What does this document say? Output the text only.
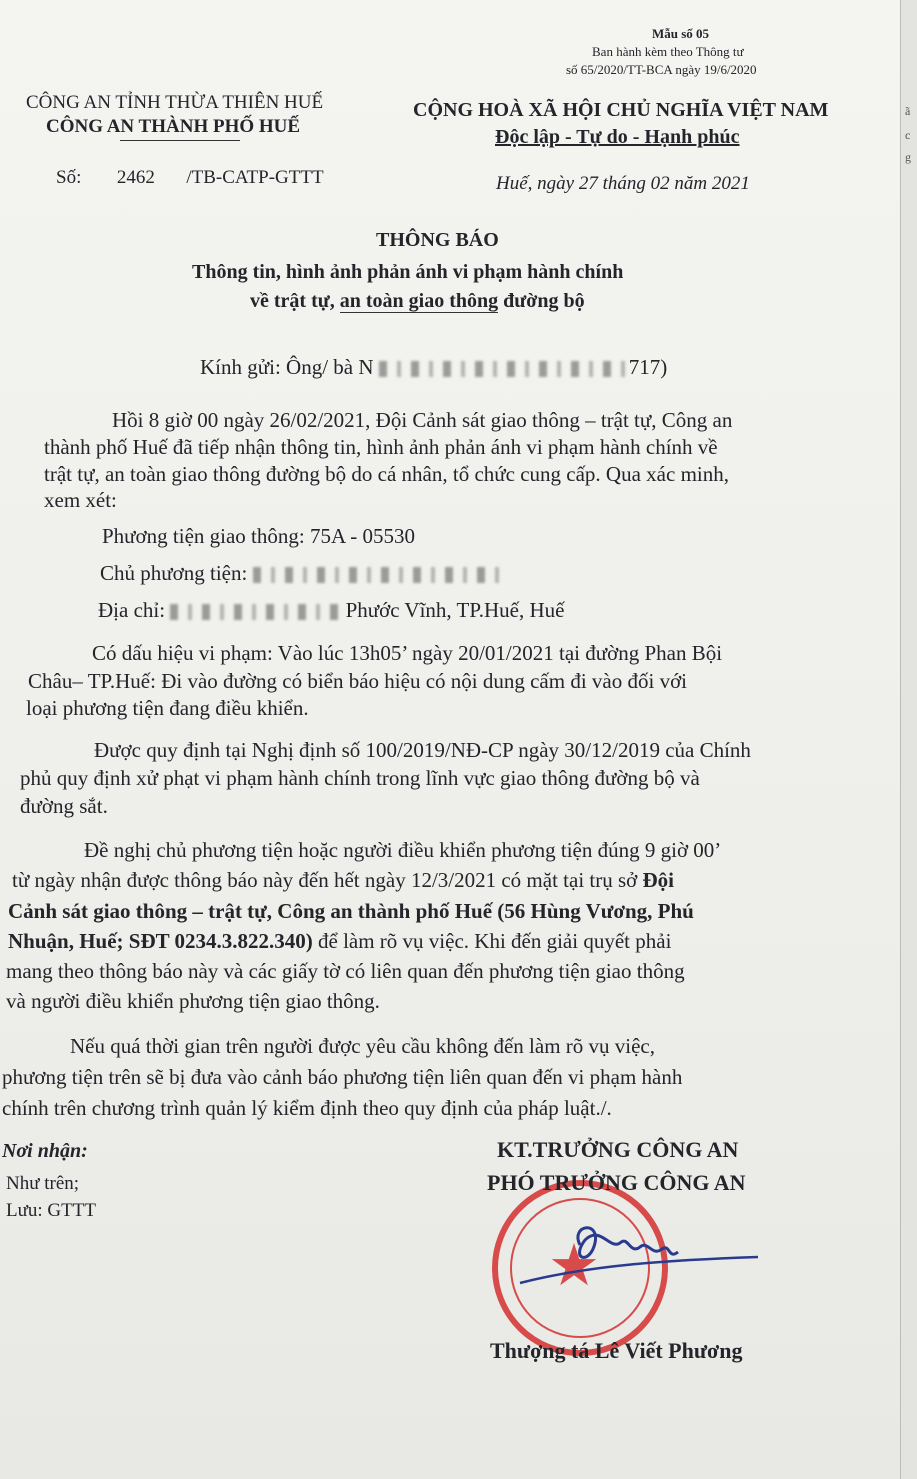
Mẫu số 05
Ban hành kèm theo Thông tư
số 65/2020/TT-BCA ngày 19/6/2020
CÔNG AN TỈNH THỪA THIÊN HUẾ
CÔNG AN THÀNH PHỐ HUẾ
Số: 2462 /TB-CATP-GTTT
CỘNG HOÀ XÃ HỘI CHỦ NGHĨA VIỆT NAM
Độc lập - Tự do - Hạnh phúc
Huế, ngày 27 tháng 02 năm 2021
THÔNG BÁO
Thông tin, hình ảnh phản ánh vi phạm hành chính
về trật tự, an toàn giao thông đường bộ
Kính gửi: Ông/ bà N	717)
Hồi 8 giờ 00 ngày 26/02/2021, Đội Cảnh sát giao thông – trật tự, Công an
thành phố Huế đã tiếp nhận thông tin, hình ảnh phản ánh vi phạm hành chính về
trật tự, an toàn giao thông đường bộ do cá nhân, tổ chức cung cấp. Qua xác minh,
xem xét:
Phương tiện giao thông: 75A - 05530
Chủ phương tiện:
Địa chỉ:	Phước Vĩnh, TP.Huế, Huế
Có dấu hiệu vi phạm: Vào lúc 13h05’ ngày 20/01/2021 tại đường Phan Bội
Châu– TP.Huế: Đi vào đường có biển báo hiệu có nội dung cấm đi vào đối với
loại phương tiện đang điều khiển.
Được quy định tại Nghị định số 100/2019/NĐ-CP ngày 30/12/2019 của Chính
phủ quy định xử phạt vi phạm hành chính trong lĩnh vực giao thông đường bộ và
đường sắt.
Đề nghị chủ phương tiện hoặc người điều khiển phương tiện đúng 9 giờ 00’
từ ngày nhận được thông báo này đến hết ngày 12/3/2021 có mặt tại trụ sở Đội
Cảnh sát giao thông – trật tự, Công an thành phố Huế (56 Hùng Vương, Phú
Nhuận, Huế; SĐT 0234.3.822.340) để làm rõ vụ việc. Khi đến giải quyết phải
mang theo thông báo này và các giấy tờ có liên quan đến phương tiện giao thông
và người điều khiển phương tiện giao thông.
Nếu quá thời gian trên người được yêu cầu không đến làm rõ vụ việc,
phương tiện trên sẽ bị đưa vào cảnh báo phương tiện liên quan đến vi phạm hành
chính trên chương trình quản lý kiểm định theo quy định của pháp luật./.
Nơi nhận:
Như trên;
Lưu: GTTT
★
KT.TRƯỞNG CÔNG AN
PHÓ TRƯỞNG CÔNG AN
Thượng tá Lê Viết Phương
ã
c
g
